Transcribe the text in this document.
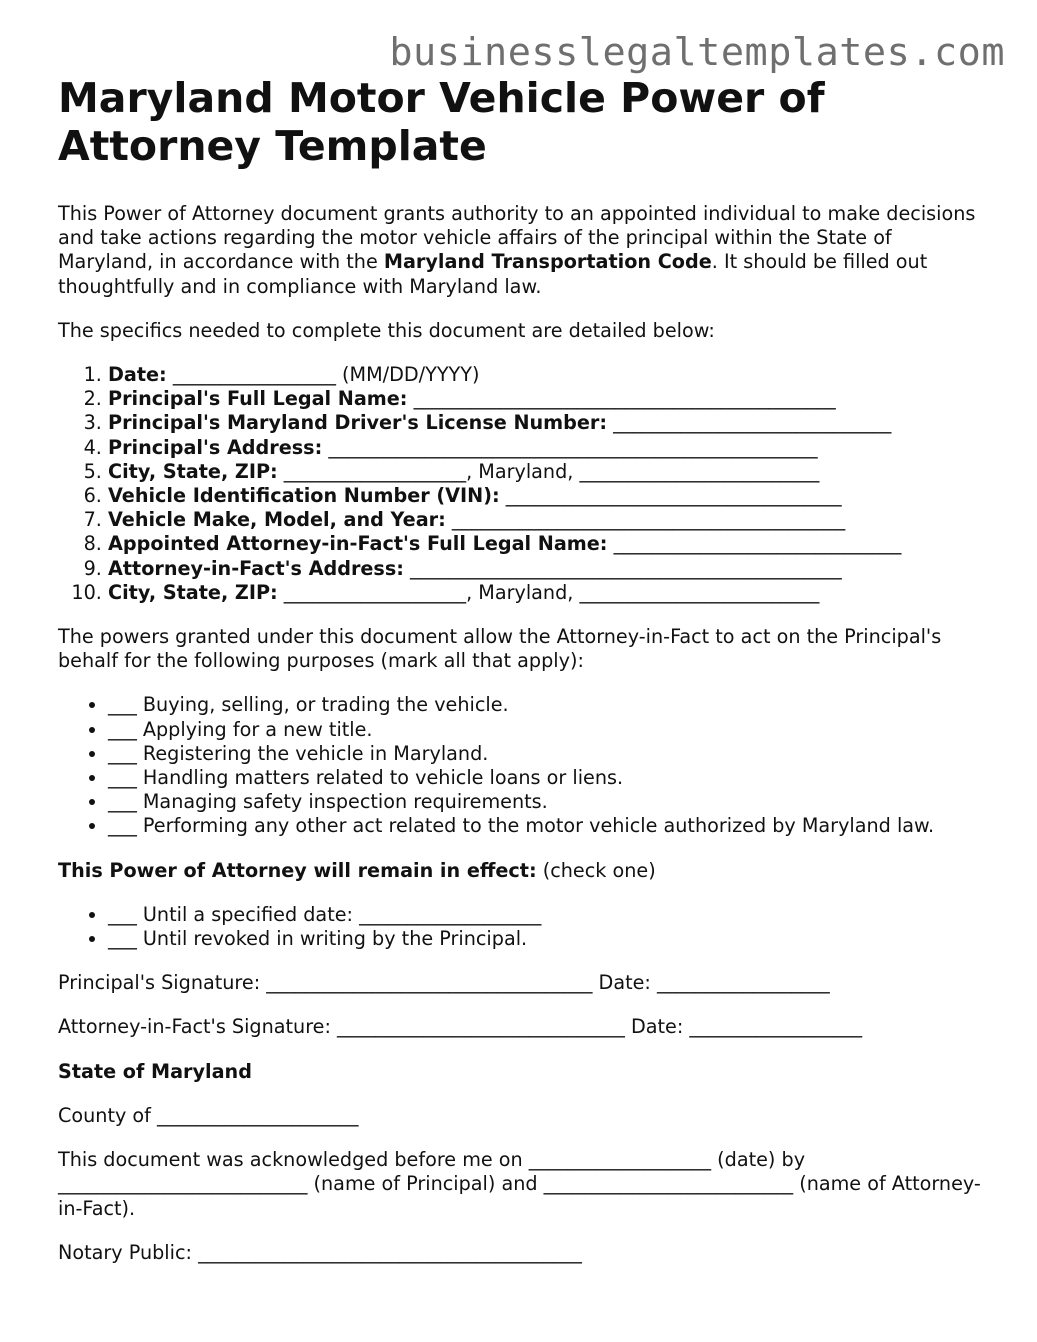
businesslegaltemplates.com
Maryland Motor Vehicle Power of Attorney Template

This Power of Attorney document grants authority to an appointed individual to make decisions and take actions regarding the motor vehicle affairs of the principal within the State of Maryland, in accordance with the Maryland Transportation Code. It should be filled out thoughtfully and in compliance with Maryland law.

The specifics needed to complete this document are detailed below:

1. Date: _________________ (MM/DD/YYYY)
2. Principal's Full Legal Name: ____________________________________________
3. Principal's Maryland Driver's License Number: _____________________________
4. Principal's Address: ___________________________________________________
5. City, State, ZIP: ___________________, Maryland, _________________________
6. Vehicle Identification Number (VIN): ___________________________________
7. Vehicle Make, Model, and Year: _________________________________________
8. Appointed Attorney-in-Fact's Full Legal Name: ______________________________
9. Attorney-in-Fact's Address: _____________________________________________
10. City, State, ZIP: ___________________, Maryland, _________________________

The powers granted under this document allow the Attorney-in-Fact to act on the Principal's behalf for the following purposes (mark all that apply):

• ___ Buying, selling, or trading the vehicle.
• ___ Applying for a new title.
• ___ Registering the vehicle in Maryland.
• ___ Handling matters related to vehicle loans or liens.
• ___ Managing safety inspection requirements.
• ___ Performing any other act related to the motor vehicle authorized by Maryland law.

This Power of Attorney will remain in effect: (check one)

• ___ Until a specified date: ___________________
• ___ Until revoked in writing by the Principal.

Principal's Signature: __________________________________ Date: __________________

Attorney-in-Fact's Signature: ______________________________ Date: __________________

State of Maryland

County of _____________________

This document was acknowledged before me on ___________________ (date) by __________________________ (name of Principal) and __________________________ (name of Attorney-in-Fact).

Notary Public: ________________________________________
